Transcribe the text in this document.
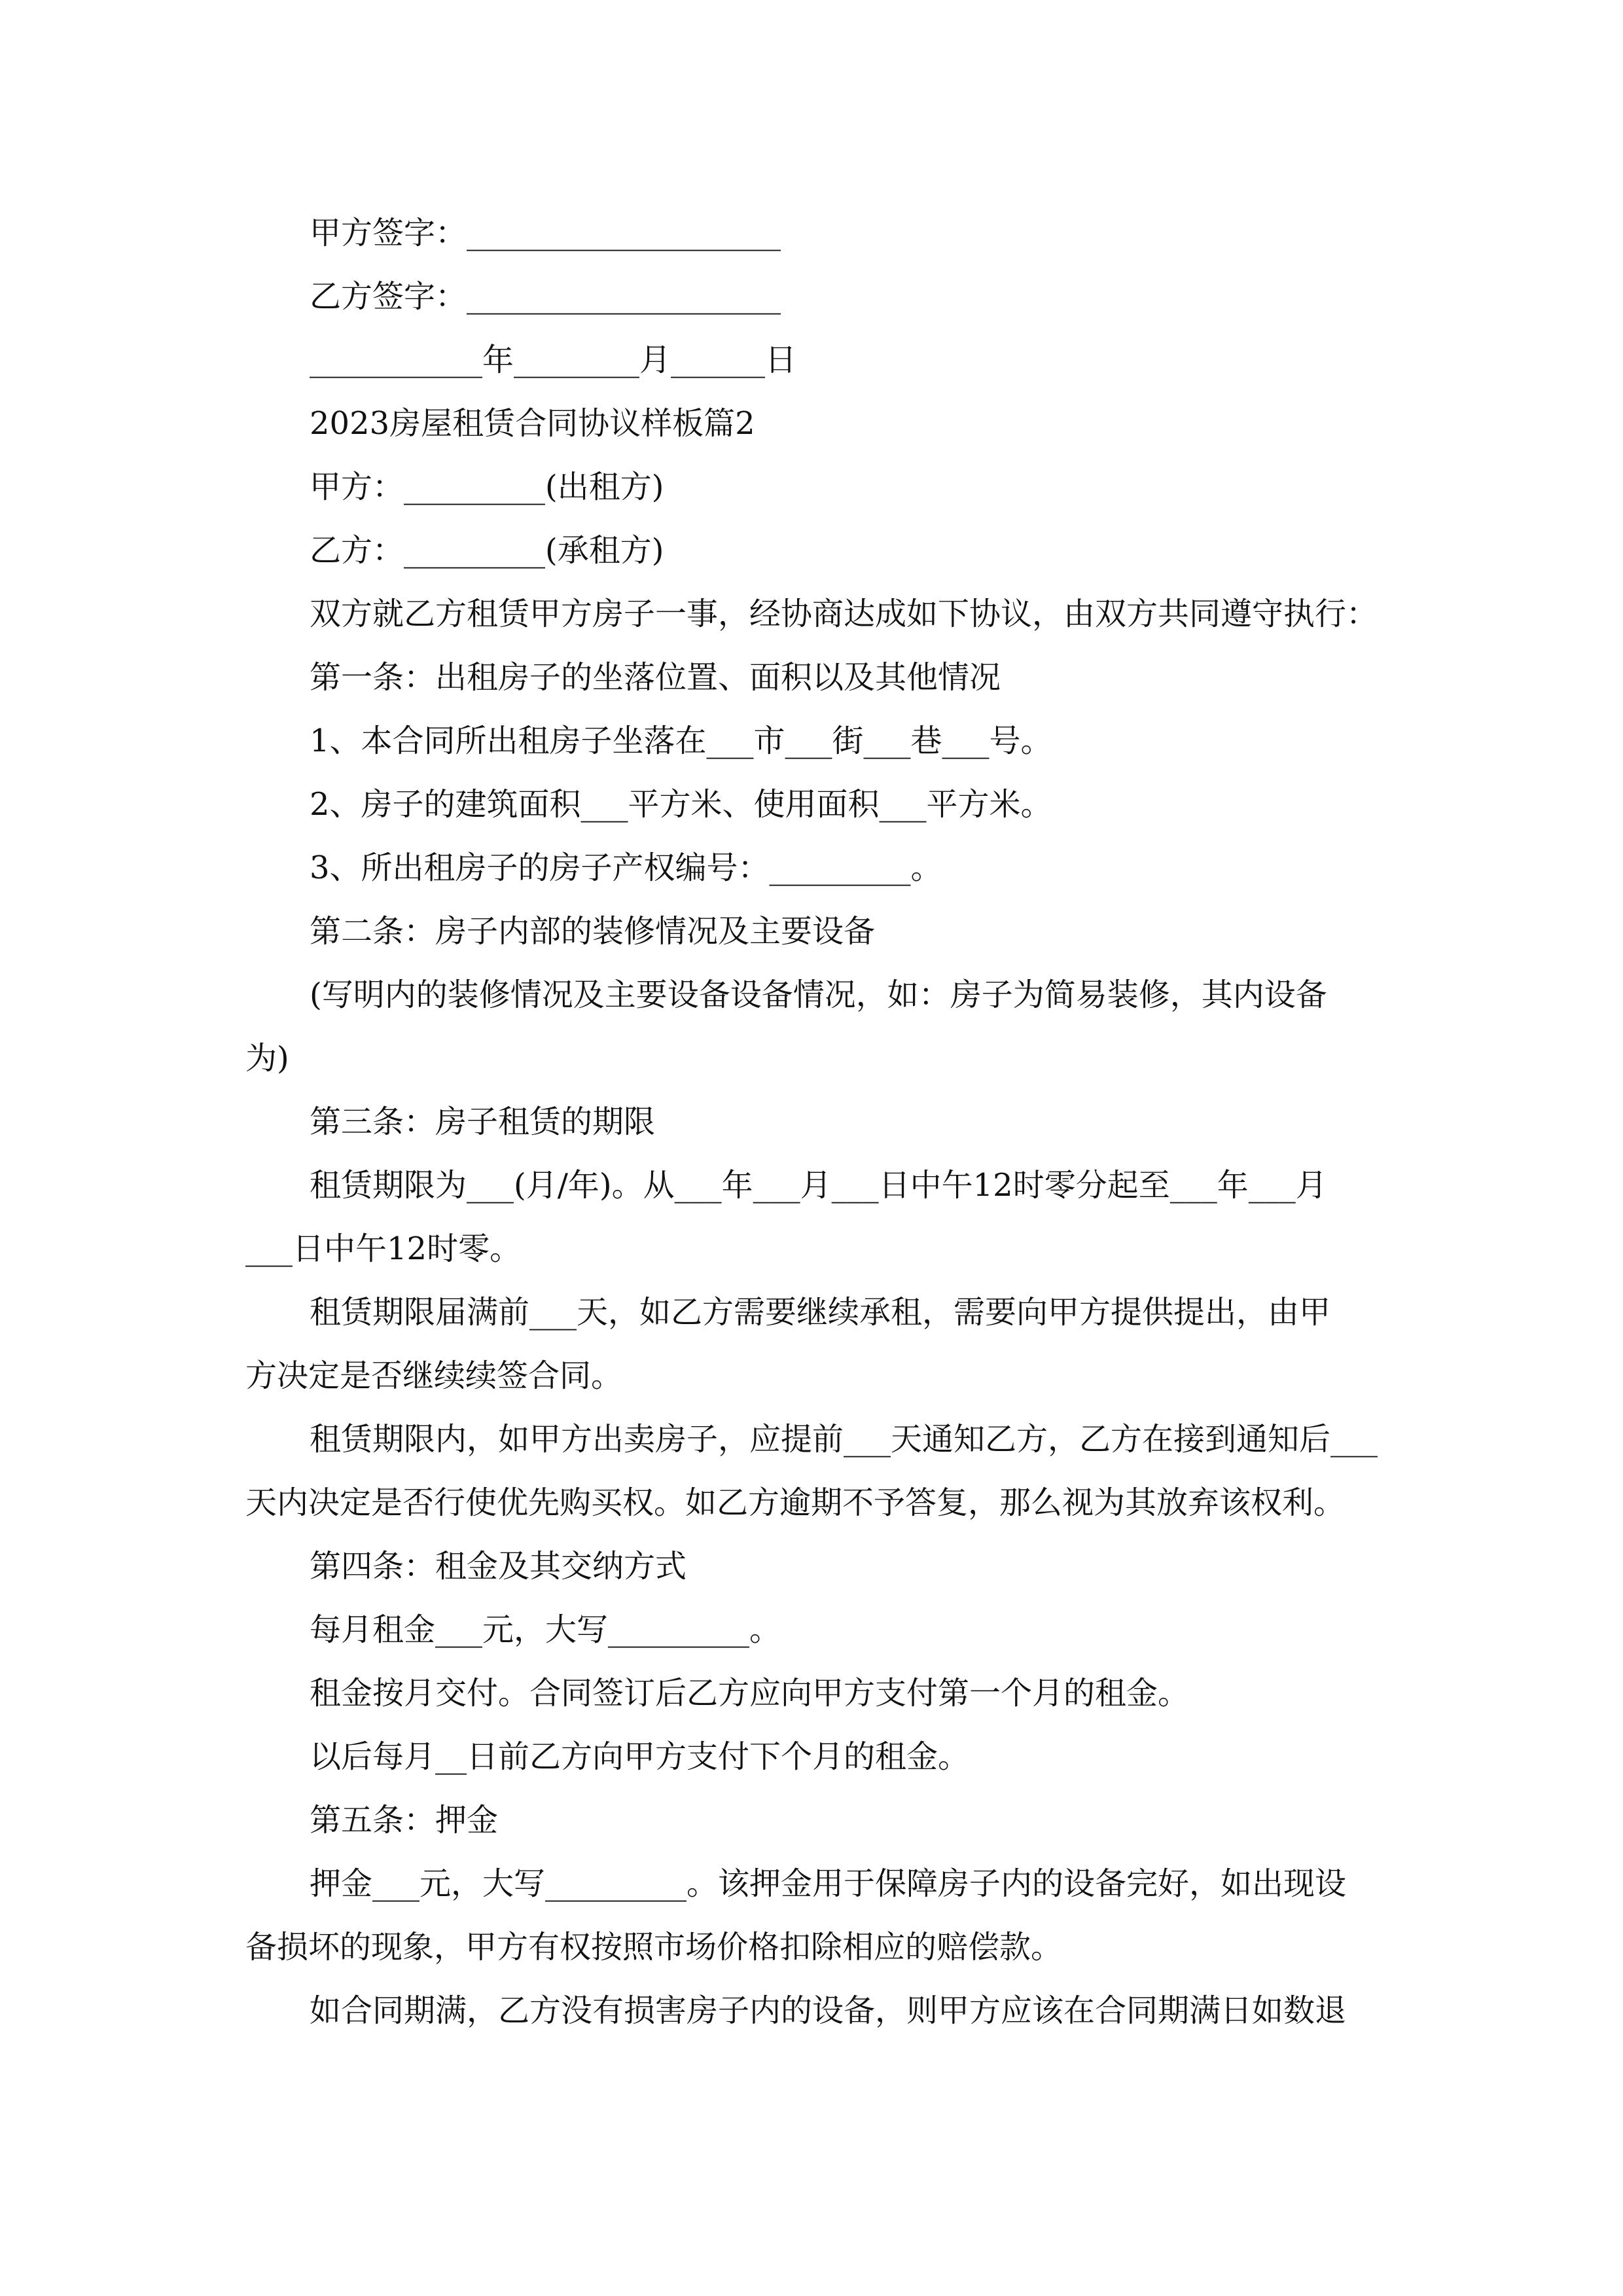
甲方签字：____________________
乙方签字：____________________
___________年________月______日
2023房屋租赁合同协议样板篇2
甲方：_________(出租方)
乙方：_________(承租方)
双方就乙方租赁甲方房子一事，经协商达成如下协议，由双方共同遵守执行：
第一条：出租房子的坐落位置、面积以及其他情况
1、本合同所出租房子坐落在___市___街___巷___号。
2、房子的建筑面积___平方米、使用面积___平方米。
3、所出租房子的房子产权编号：_________。
第二条：房子内部的装修情况及主要设备
(写明内的装修情况及主要设备设备情况，如：房子为简易装修，其内设备
为)
第三条：房子租赁的期限
租赁期限为___(月/年)。从___年___月___日中午12时零分起至___年___月
___日中午12时零。
租赁期限届满前___天，如乙方需要继续承租，需要向甲方提供提出，由甲
方决定是否继续续签合同。
租赁期限内，如甲方出卖房子，应提前___天通知乙方，乙方在接到通知后___
天内决定是否行使优先购买权。如乙方逾期不予答复，那么视为其放弃该权利。
第四条：租金及其交纳方式
每月租金___元，大写_________。
租金按月交付。合同签订后乙方应向甲方支付第一个月的租金。
以后每月__日前乙方向甲方支付下个月的租金。
第五条：押金
押金___元，大写_________。该押金用于保障房子内的设备完好，如出现设
备损坏的现象，甲方有权按照市场价格扣除相应的赔偿款。
如合同期满，乙方没有损害房子内的设备，则甲方应该在合同期满日如数退
